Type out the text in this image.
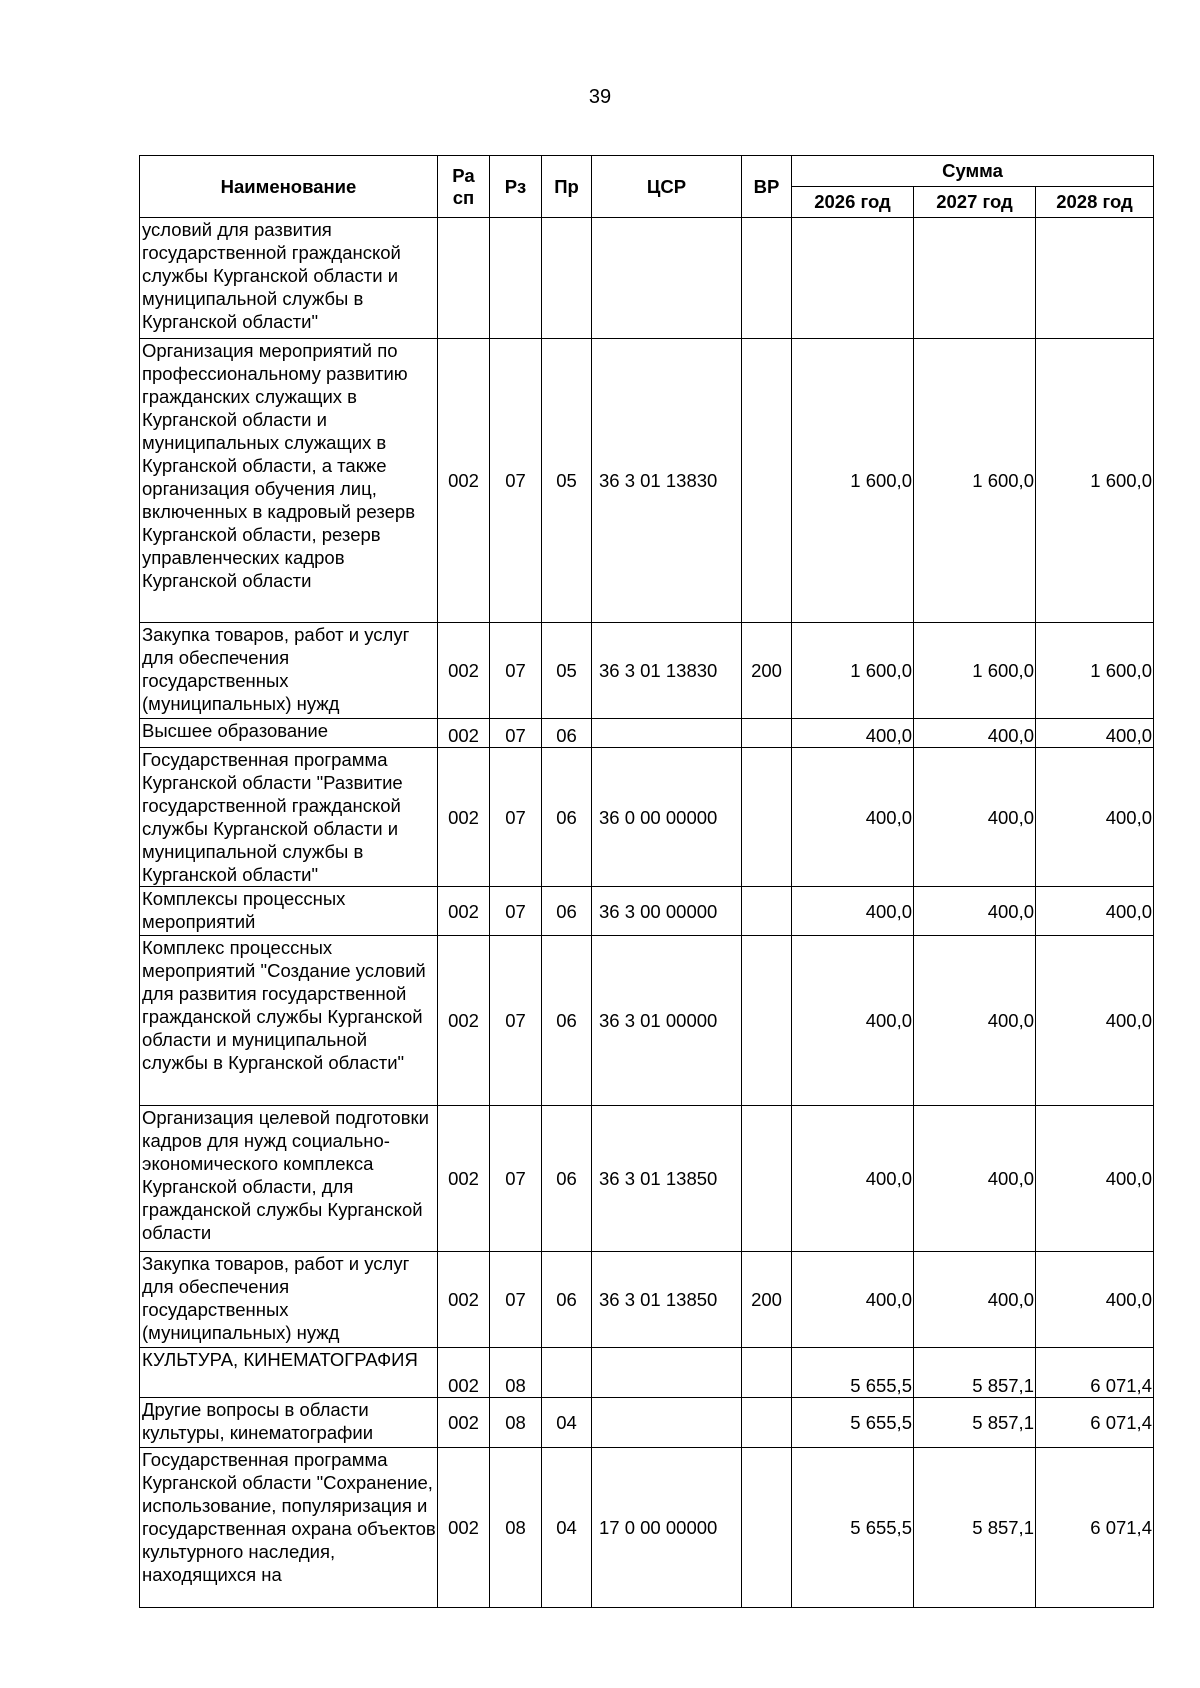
39
Наименование	Ра
сп	Рз	Пр	ЦСР	ВР	Сумма		
						2026 год	2027 год	2028 год
условий для развития государственной гражданской службы Курганской области и муниципальной службы в Курганской области"								
Организация мероприятий по профессиональному развитию гражданских служащих в Курганской области и муниципальных служащих в Курганской области, а также организация обучения лиц, включенных в кадровый резерв Курганской области, резерв управленческих кадров Курганской области	002	07	05	36 3 01 13830		1 600,0	1 600,0	1 600,0
Закупка товаров, работ и услуг для обеспечения государственных (муниципальных) нужд	002	07	05	36 3 01 13830	200	1 600,0	1 600,0	1 600,0
Высшее образование	002	07	06			400,0	400,0	400,0
Государственная программа Курганской области "Развитие государственной гражданской службы Курганской области и муниципальной службы в Курганской области"	002	07	06	36 0 00 00000		400,0	400,0	400,0
Комплексы процессных мероприятий	002	07	06	36 3 00 00000		400,0	400,0	400,0
Комплекс процессных мероприятий "Создание условий для развития государственной гражданской службы Курганской области и муниципальной службы в Курганской области"	002	07	06	36 3 01 00000		400,0	400,0	400,0
Организация целевой подготовки кадров для нужд социально-экономического комплекса Курганской области, для гражданской службы Курганской области	002	07	06	36 3 01 13850		400,0	400,0	400,0
Закупка товаров, работ и услуг для обеспечения государственных (муниципальных) нужд	002	07	06	36 3 01 13850	200	400,0	400,0	400,0
КУЛЬТУРА, КИНЕМАТОГРАФИЯ	002	08				5 655,5	5 857,1	6 071,4
Другие вопросы в области культуры, кинематографии	002	08	04			5 655,5	5 857,1	6 071,4
Государственная программа Курганской области "Сохранение, использование, популяризация и государственная охрана объектов культурного наследия, находящихся на	002	08	04	17 0 00 00000		5 655,5	5 857,1	6 071,4
